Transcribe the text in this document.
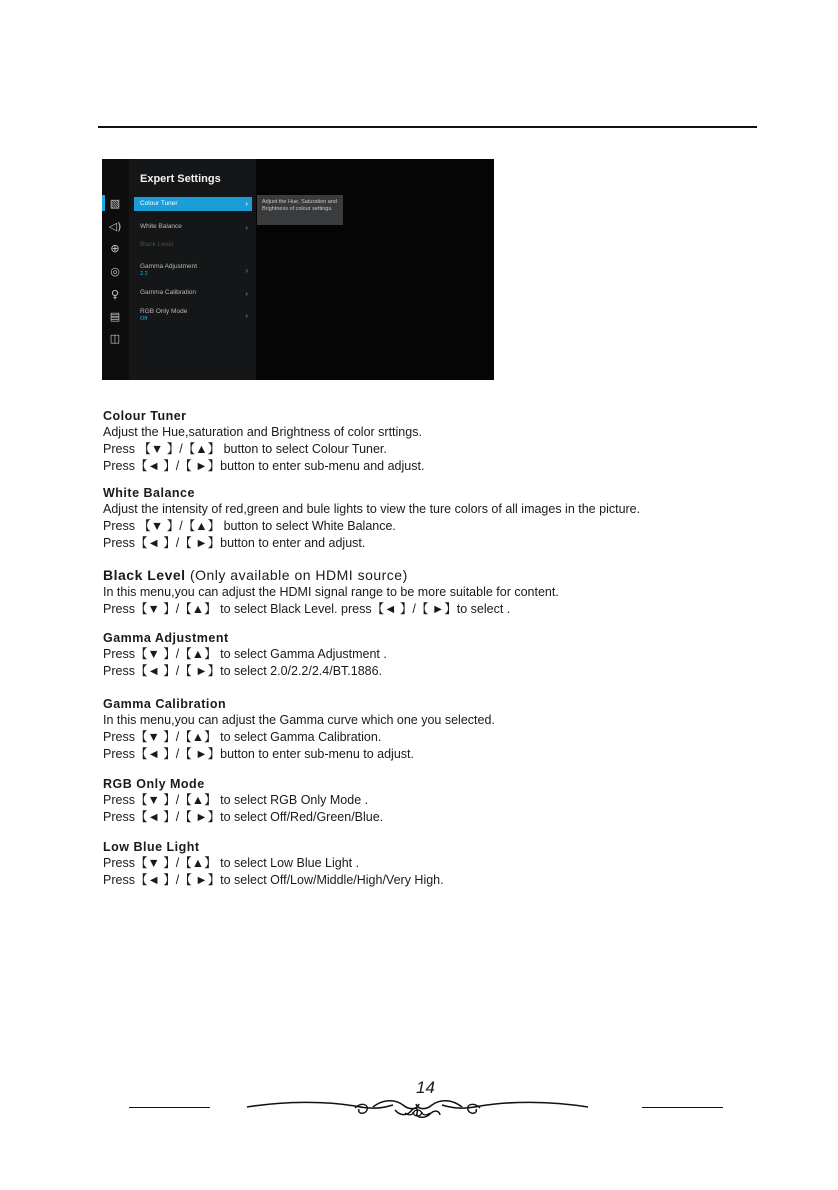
▧
◁)
⊕
◎
♀
▤
◫
Expert Settings
Colour Tuner	›
White Balance	›
Black Level
Gamma Adjustment
2.2	›
Gamma Calibration	›
RGB Only Mode
Off	›
Adjust the Hue, Saturation and Brightness of colour settings.
Colour Tuner
Adjust the Hue,saturation and Brightness of color srttings.
Press 【▼ 】/【▲】 button to select Colour Tuner.
Press【◄ 】/【 ►】button to enter sub-menu and adjust.
White Balance
Adjust the intensity of red,green and bule lights to view the ture colors of all images in the picture.
Press 【▼ 】/【▲】 button to select White Balance.
Press【◄ 】/【 ►】button to enter and adjust.
Black Level (Only available on HDMI source)
In this menu,you can adjust the HDMI signal range to be more suitable for content.
Press【▼ 】/【▲】 to select Black Level. press【◄ 】/【 ►】to select .
Gamma Adjustment
Press【▼ 】/【▲】 to select Gamma Adjustment .
Press【◄ 】/【 ►】to select 2.0/2.2/2.4/BT.1886.
Gamma Calibration
In this menu,you can adjust the Gamma curve which one you selected.
Press【▼ 】/【▲】 to select Gamma Calibration.
Press【◄ 】/【 ►】button to enter sub-menu to adjust.
RGB Only Mode
Press【▼ 】/【▲】 to select RGB Only Mode .
Press【◄ 】/【 ►】to select Off/Red/Green/Blue.
Low Blue Light
Press【▼ 】/【▲】 to select Low Blue Light .
Press【◄ 】/【 ►】to select Off/Low/Middle/High/Very High.
14
